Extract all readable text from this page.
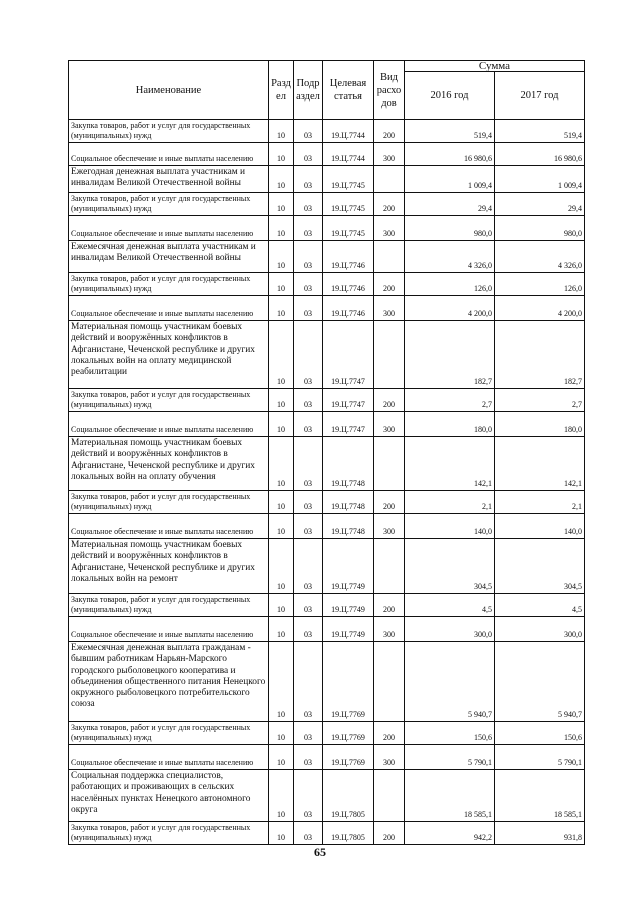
Наименование	Разд ел	Подр аздел	Целевая статья	Вид расхо дов	Сумма	
					2016 год	2017 год
Закупка товаров, работ и услуг для государственных (муниципальных) нужд	10	03	19.Ц.7744	200	519,4	519,4
Социальное обеспечение и иные выплаты населению	10	03	19.Ц.7744	300	16 980,6	16 980,6
Ежегодная денежная выплата участникам и инвалидам Великой Отечественной войны	10	03	19.Ц.7745		1 009,4	1 009,4
Закупка товаров, работ и услуг для государственных (муниципальных) нужд	10	03	19.Ц.7745	200	29,4	29,4
Социальное обеспечение и иные выплаты населению	10	03	19.Ц.7745	300	980,0	980,0
Ежемесячная денежная выплата участникам и инвалидам Великой Отечественной войны	10	03	19.Ц.7746		4 326,0	4 326,0
Закупка товаров, работ и услуг для государственных (муниципальных) нужд	10	03	19.Ц.7746	200	126,0	126,0
Социальное обеспечение и иные выплаты населению	10	03	19.Ц.7746	300	4 200,0	4 200,0
Материальная помощь участникам боевых действий и вооружённых конфликтов в Афганистане, Чеченской республике и других локальных войн на оплату медицинской реабилитации	10	03	19.Ц.7747		182,7	182,7
Закупка товаров, работ и услуг для государственных (муниципальных) нужд	10	03	19.Ц.7747	200	2,7	2,7
Социальное обеспечение и иные выплаты населению	10	03	19.Ц.7747	300	180,0	180,0
Материальная помощь участникам боевых действий и вооружённых конфликтов в Афганистане, Чеченской республике и других локальных войн на оплату обучения	10	03	19.Ц.7748		142,1	142,1
Закупка товаров, работ и услуг для государственных (муниципальных) нужд	10	03	19.Ц.7748	200	2,1	2,1
Социальное обеспечение и иные выплаты населению	10	03	19.Ц.7748	300	140,0	140,0
Материальная помощь участникам боевых действий и вооружённых конфликтов в Афганистане, Чеченской республике и других локальных войн на ремонт	10	03	19.Ц.7749		304,5	304,5
Закупка товаров, работ и услуг для государственных (муниципальных) нужд	10	03	19.Ц.7749	200	4,5	4,5
Социальное обеспечение и иные выплаты населению	10	03	19.Ц.7749	300	300,0	300,0
Ежемесячная денежная выплата гражданам - бывшим работникам Нарьян-Марского городского рыболовецкого кооператива и объединения общественного питания Ненецкого окружного рыболовецкого потребительского союза	10	03	19.Ц.7769		5 940,7	5 940,7
Закупка товаров, работ и услуг для государственных (муниципальных) нужд	10	03	19.Ц.7769	200	150,6	150,6
Социальное обеспечение и иные выплаты населению	10	03	19.Ц.7769	300	5 790,1	5 790,1
Социальная поддержка специалистов, работающих и проживающих в сельских населённых пунктах Ненецкого автономного округа	10	03	19.Ц.7805		18 585,1	18 585,1
Закупка товаров, работ и услуг для государственных (муниципальных) нужд	10	03	19.Ц.7805	200	942,2	931,8
65
